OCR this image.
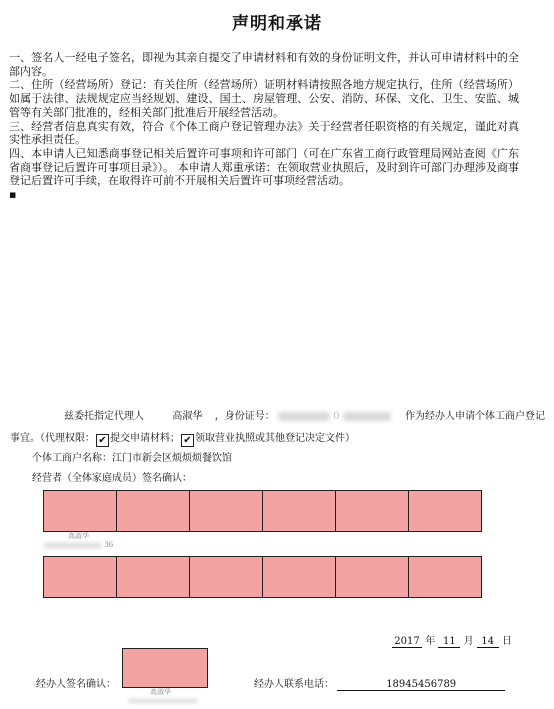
声明和承诺

一、签名人一经电子签名，即视为其亲自提交了申请材料和有效的身份证明文件，并认可申请材料中的全部内容。

二、住所（经营场所）登记：有关住所（经营场所）证明材料请按照各地方规定执行，住所（经营场所）如属于法律、法规规定应当经规划、建设、国土、房屋管理、公安、消防、环保、文化、卫生、安监、城管等有关部门批准的，经相关部门批准后开展经营活动。

三、经营者信息真实有效，符合《个体工商户登记管理办法》关于经营者任职资格的有关规定，谨此对真实性承担责任。

四、本申请人已知悉商事登记相关后置许可事项和许可部门（可在广东省工商行政管理局网站查阅《广东省商事登记后置许可事项目录》）。 本申请人郑重承诺：在领取营业执照后，及时到许可部门办理涉及商事登记后置许可手续，在取得许可前不开展相关后置许可事项经营活动。

▪

兹委托指定代理人	高淑华 ，身份证号：	0	作为经办人申请个体工商户登记
事宜。（代理权限： ✔ 提交申请材料； ✔ 领取营业执照或其他登记决定文件）
个体工商户名称：江门市新会区烦烦烦餐饮馆
经营者（全体家庭成员）签名确认：

高淑华
36

2017 年 11 月 14 日
经办人签名确认：
高淑华
经办人联系电话：	18945456789
